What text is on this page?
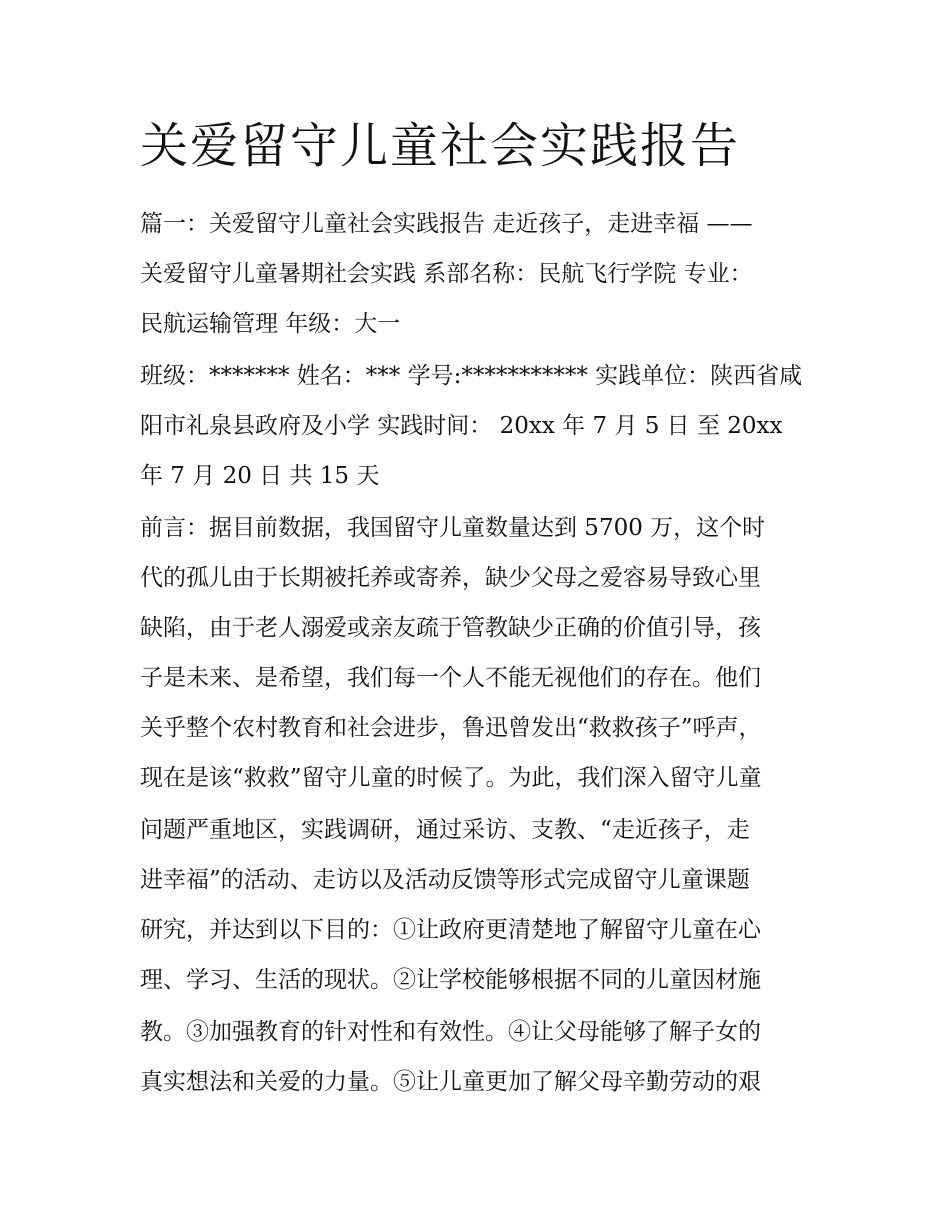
关爱留守儿童社会实践报告

篇一：关爱留守儿童社会实践报告 走近孩子，走进幸福 ——

关爱留守儿童暑期社会实践 系部名称：民航飞行学院 专业：

民航运输管理 年级：大一

班级：******* 姓名：*** 学号:*********** 实践单位：陕西省咸

阳市礼泉县政府及小学 实践时间： 20xx 年 7 月 5 日 至 20xx

年 7 月 20 日 共 15 天

前言：据目前数据，我国留守儿童数量达到 5700 万，这个时

代的孤儿由于长期被托养或寄养，缺少父母之爱容易导致心里

缺陷，由于老人溺爱或亲友疏于管教缺少正确的价值引导，孩

子是未来、是希望，我们每一个人不能无视他们的存在。他们

关乎整个农村教育和社会进步，鲁迅曾发出“救救孩子”呼声，

现在是该“救救”留守儿童的时候了。为此，我们深入留守儿童

问题严重地区，实践调研，通过采访、支教、“走近孩子，走

进幸福”的活动、走访以及活动反馈等形式完成留守儿童课题

研究，并达到以下目的：①让政府更清楚地了解留守儿童在心

理、学习、生活的现状。②让学校能够根据不同的儿童因材施

教。③加强教育的针对性和有效性。④让父母能够了解子女的

真实想法和关爱的力量。⑤让儿童更加了解父母辛勤劳动的艰
